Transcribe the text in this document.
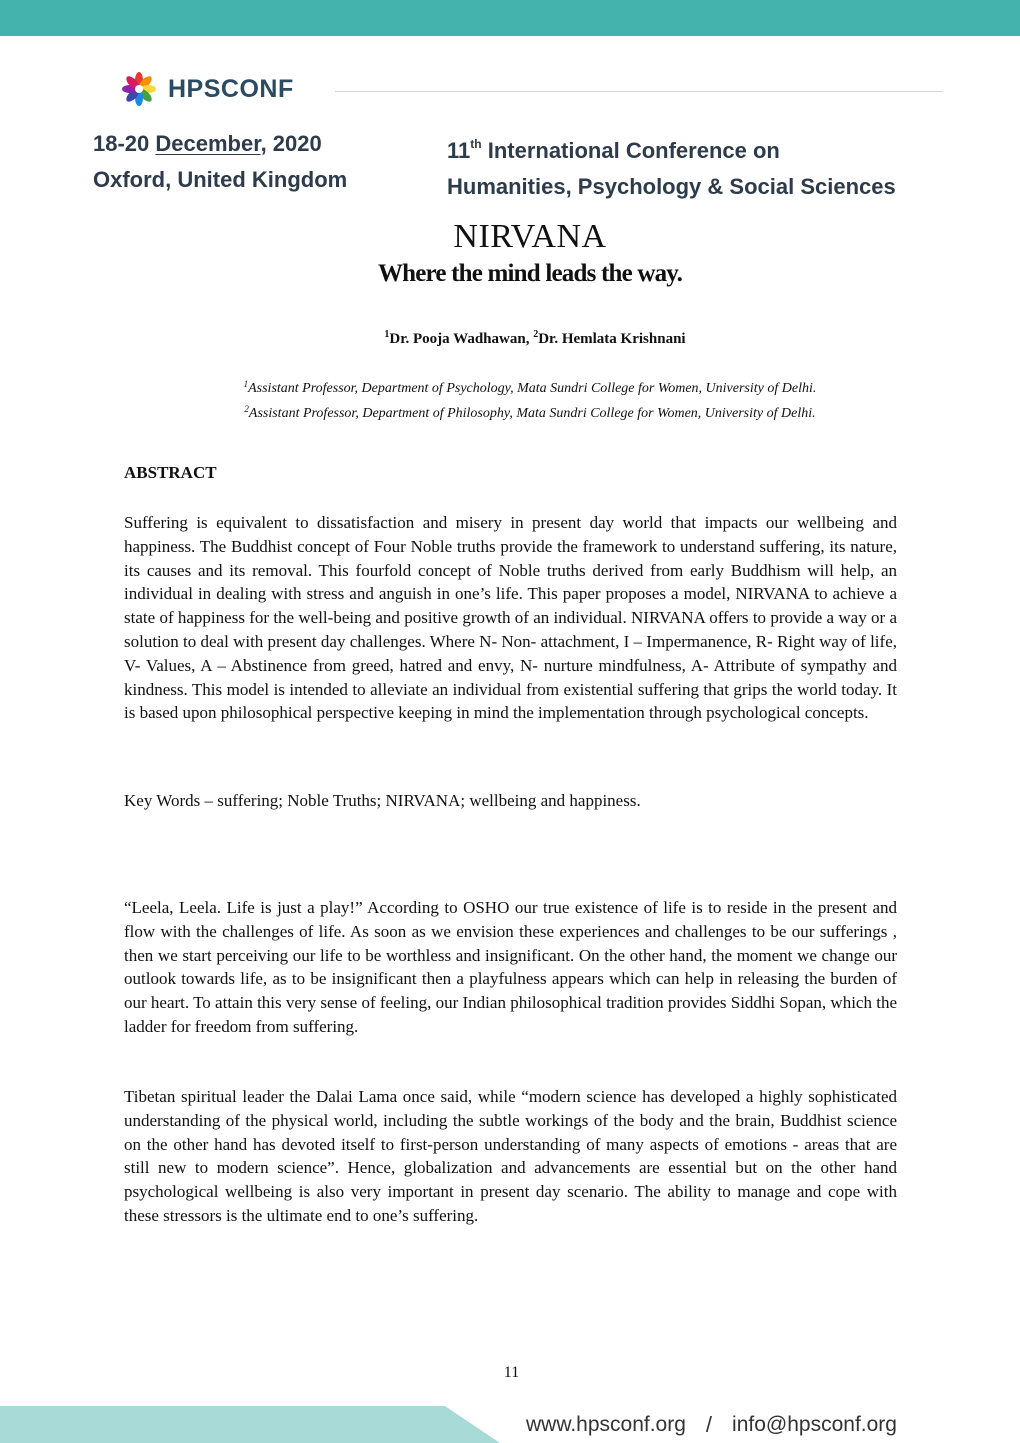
HPSCONF
18-20 December, 2020
Oxford, United Kingdom
11th International Conference on
Humanities, Psychology & Social Sciences
NIRVANA
Where the mind leads the way.
$^1$Dr. Pooja Wadhawan, $^2$Dr. Hemlata Krishnani
$^1$Assistant Professor, Department of Psychology, Mata Sundri College for Women, University of Delhi.
$^2$Assistant Professor, Department of Philosophy, Mata Sundri College for Women, University of Delhi.
ABSTRACT

Suffering is equivalent to dissatisfaction and misery in present day world that impacts our wellbeing and happiness. The Buddhist concept of Four Noble truths provide the framework to understand suffering, its nature, its causes and its removal. This fourfold concept of Noble truths derived from early Buddhism will help, an individual in dealing with stress and anguish in one’s life. This paper proposes a model, NIRVANA to achieve a state of happiness for the well-being and positive growth of an individual. NIRVANA offers to provide a way or a solution to deal with present day challenges. Where N- Non- attachment, I – Impermanence, R- Right way of life, V- Values, A – Abstinence from greed, hatred and envy, N- nurture mindfulness, A- Attribute of sympathy and kindness. This model is intended to alleviate an individual from existential suffering that grips the world today. It is based upon philosophical perspective keeping in mind the implementation through psychological concepts.

Key Words – suffering; Noble Truths; NIRVANA; wellbeing and happiness.

“Leela, Leela. Life is just a play!” According to OSHO our true existence of life is to reside in the present and flow with the challenges of life. As soon as we envision these experiences and challenges to be our sufferings , then we start perceiving our life to be worthless and insignificant. On the other hand, the moment we change our outlook towards life, as to be insignificant then a playfulness appears which can help in releasing the burden of our heart. To attain this very sense of feeling, our Indian philosophical tradition provides Siddhi Sopan, which the ladder for freedom from suffering.

Tibetan spiritual leader the Dalai Lama once said, while “modern science has developed a highly sophisticated understanding of the physical world, including the subtle workings of the body and the brain, Buddhist science on the other hand has devoted itself to first-person understanding of many aspects of emotions - areas that are still new to modern science”. Hence, globalization and advancements are essential but on the other hand psychological wellbeing is also very important in present day scenario. The ability to manage and cope with these stressors is the ultimate end to one’s suffering.

11
www.hpsconf.org / info@hpsconf.org
